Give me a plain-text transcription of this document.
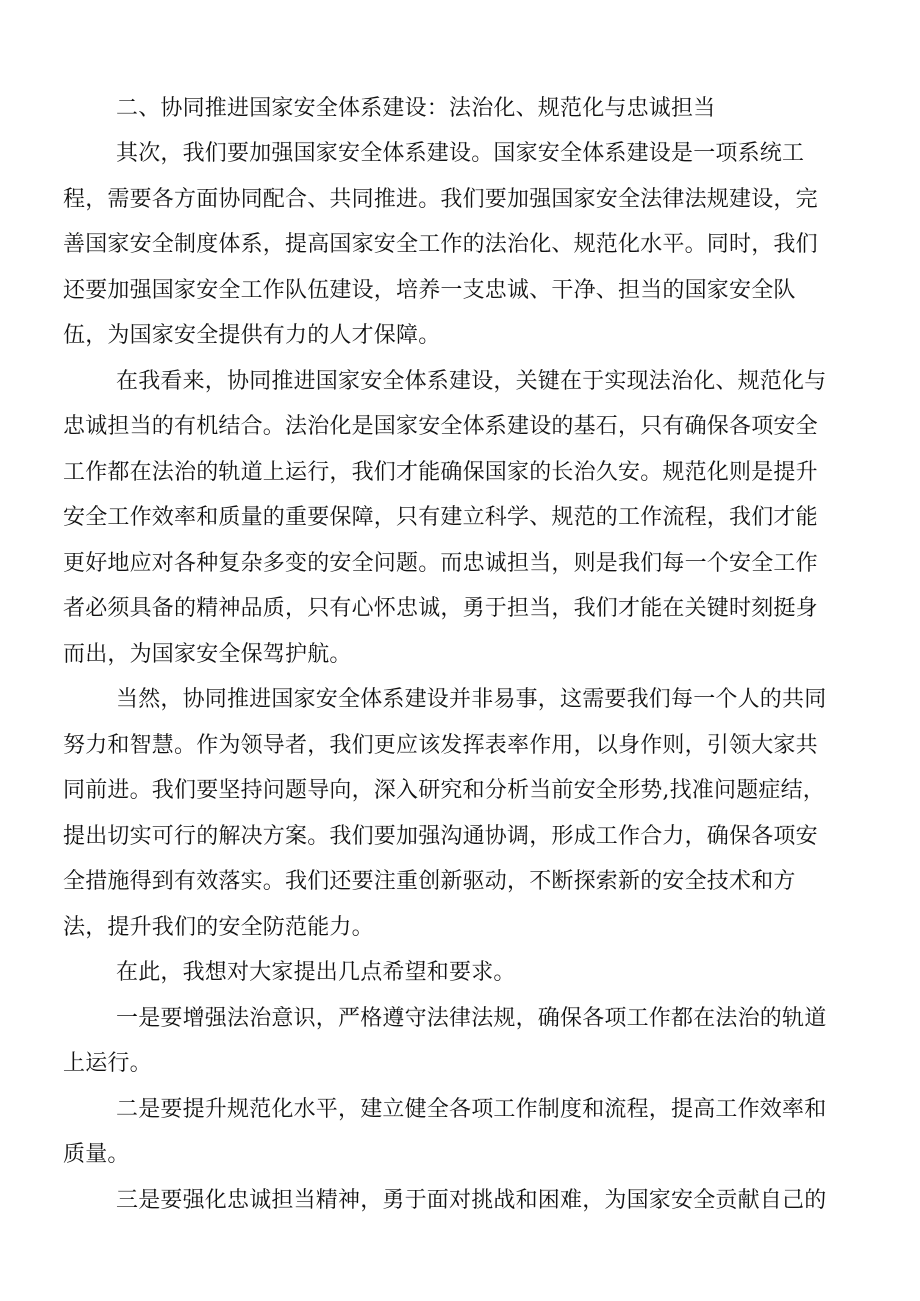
二、协同推进国家安全体系建设：法治化、规范化与忠诚担当
其次，我们要加强国家安全体系建设。国家安全体系建设是一项系统工
程，需要各方面协同配合、共同推进。我们要加强国家安全法律法规建设，完
善国家安全制度体系，提高国家安全工作的法治化、规范化水平。同时，我们
还要加强国家安全工作队伍建设，培养一支忠诚、干净、担当的国家安全队
伍，为国家安全提供有力的人才保障。
在我看来，协同推进国家安全体系建设，关键在于实现法治化、规范化与
忠诚担当的有机结合。法治化是国家安全体系建设的基石，只有确保各项安全
工作都在法治的轨道上运行，我们才能确保国家的长治久安。规范化则是提升
安全工作效率和质量的重要保障，只有建立科学、规范的工作流程，我们才能
更好地应对各种复杂多变的安全问题。而忠诚担当，则是我们每一个安全工作
者必须具备的精神品质，只有心怀忠诚，勇于担当，我们才能在关键时刻挺身
而出，为国家安全保驾护航。
当然，协同推进国家安全体系建设并非易事，这需要我们每一个人的共同
努力和智慧。作为领导者，我们更应该发挥表率作用，以身作则，引领大家共
同前进。我们要坚持问题导向，深入研究和分析当前安全形势,找准问题症结，
提出切实可行的解决方案。我们要加强沟通协调，形成工作合力，确保各项安
全措施得到有效落实。我们还要注重创新驱动，不断探索新的安全技术和方
法，提升我们的安全防范能力。
在此，我想对大家提出几点希望和要求。
一是要增强法治意识，严格遵守法律法规，确保各项工作都在法治的轨道
上运行。
二是要提升规范化水平，建立健全各项工作制度和流程，提高工作效率和
质量。
三是要强化忠诚担当精神，勇于面对挑战和困难，为国家安全贡献自己的
